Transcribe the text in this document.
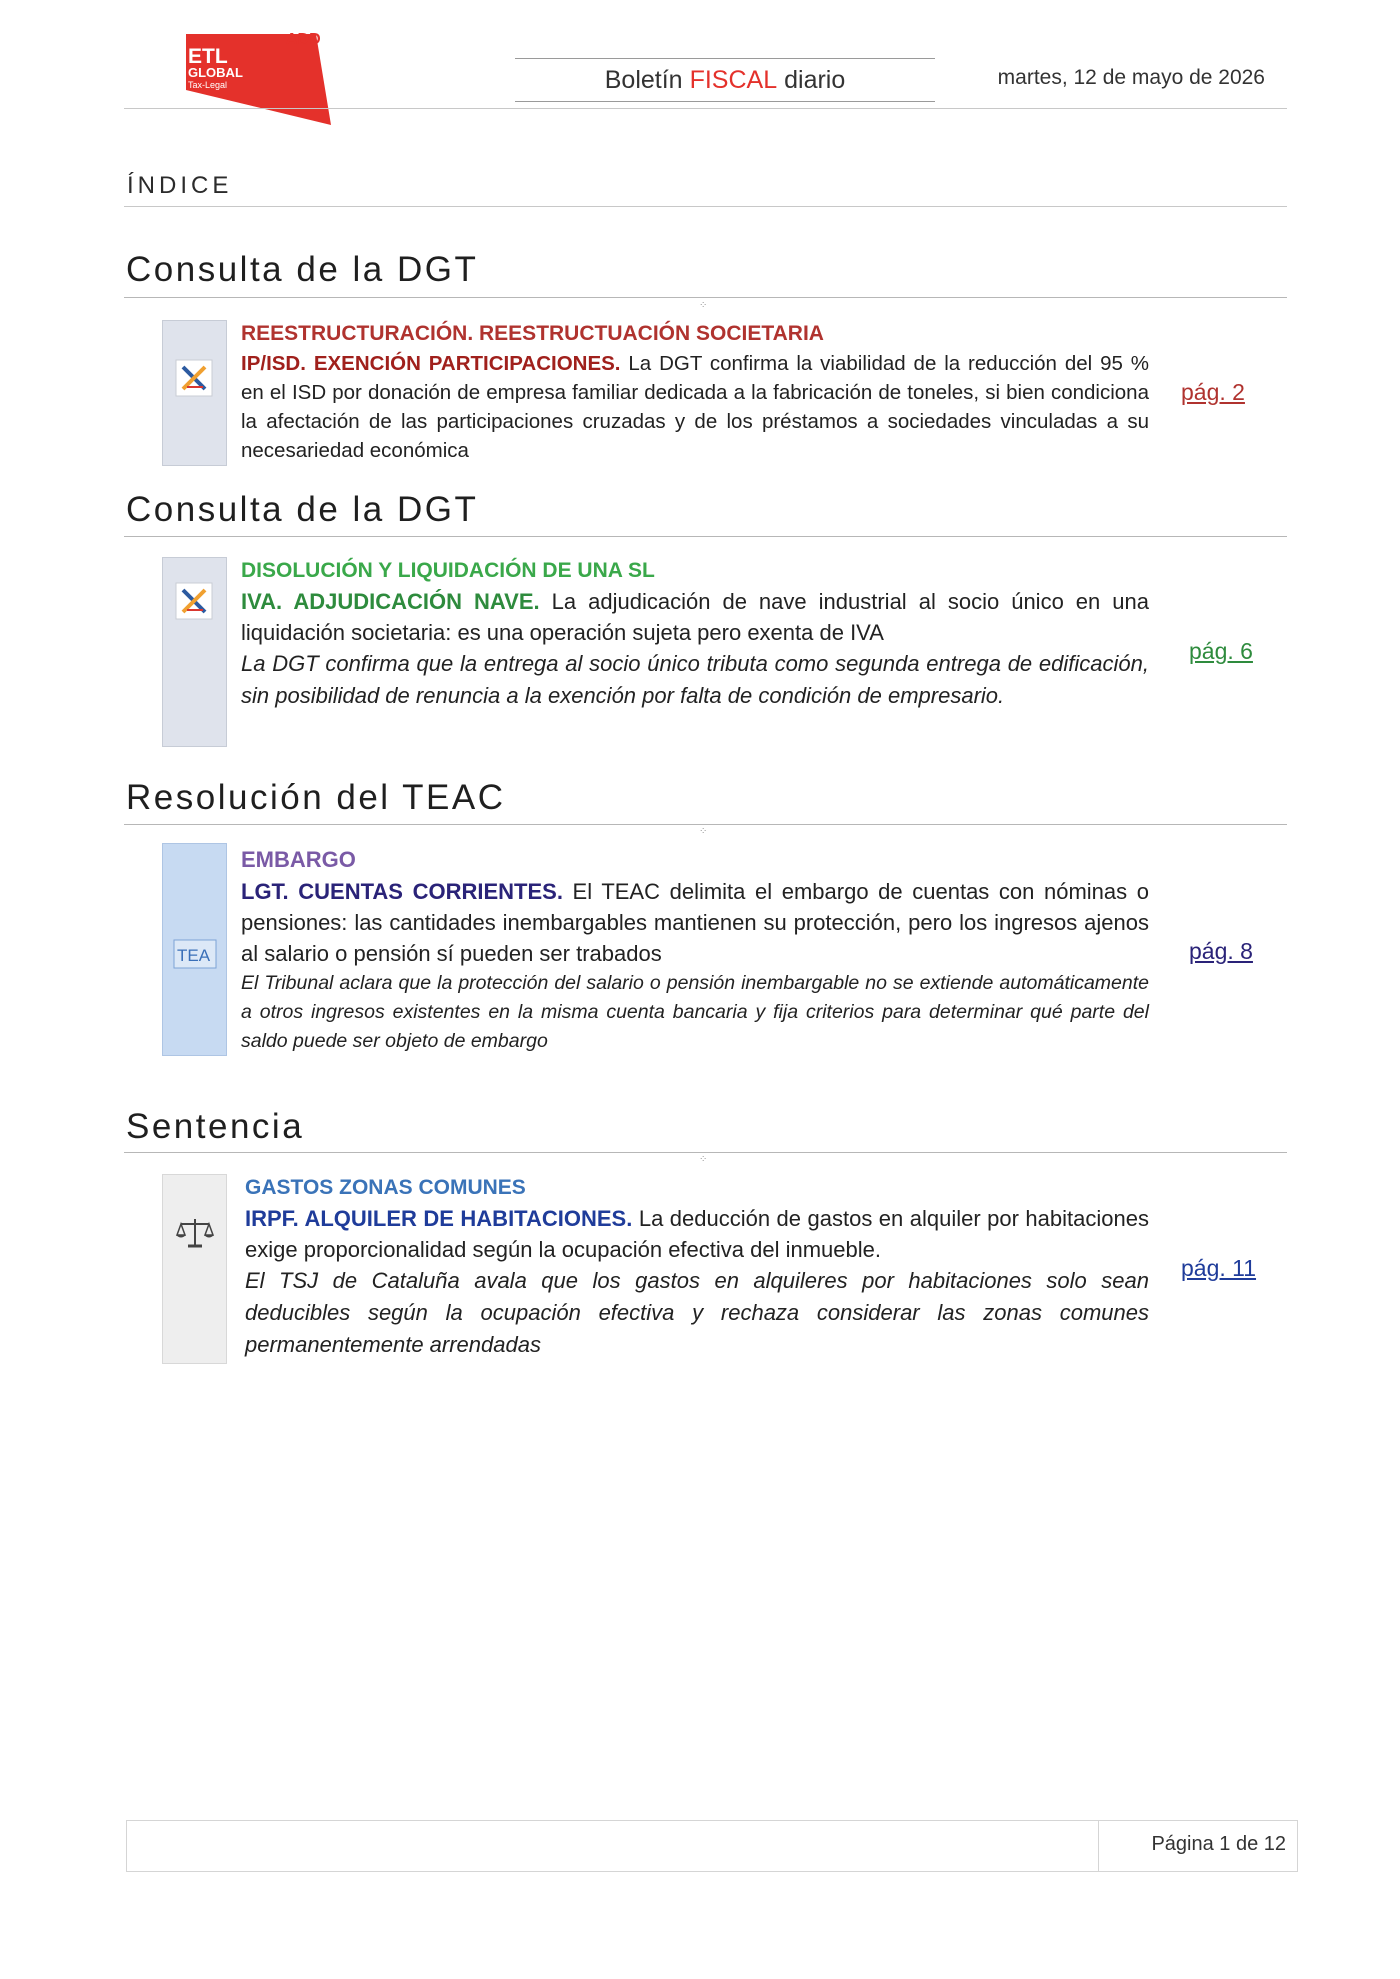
ADD
ETL
GLOBAL
Tax-Legal	Boletín FISCAL diario	martes, 12 de mayo de 2026
ÍNDICE
Consulta de la DGT
⁘

REESTRUCTURACIÓN. REESTRUCTUACIÓN SOCIETARIA

IP/ISD. EXENCIÓN PARTICIPACIONES. La DGT confirma la viabilidad de la reducción del 95 % en el ISD por donación de empresa familiar dedicada a la fabricación de toneles, si bien condiciona la afectación de las participaciones cruzadas y de los préstamos a sociedades vinculadas a su necesariedad económica

pág. 2
Consulta de la DGT

DISOLUCIÓN Y LIQUIDACIÓN DE UNA SL

IVA. ADJUDICACIÓN NAVE. La adjudicación de nave industrial al socio único en una liquidación societaria: es una operación sujeta pero exenta de IVA

La DGT confirma que la entrega al socio único tributa como segunda entrega de edificación, sin posibilidad de renuncia a la exención por falta de condición de empresario.

pág. 6
Resolución del TEAC
⁘
TEA

EMBARGO

LGT. CUENTAS CORRIENTES. El TEAC delimita el embargo de cuentas con nóminas o pensiones: las cantidades inembargables mantienen su protección, pero los ingresos ajenos al salario o pensión sí pueden ser trabados

El Tribunal aclara que la protección del salario o pensión inembargable no se extiende automáticamente a otros ingresos existentes en la misma cuenta bancaria y fija criterios para determinar qué parte del saldo puede ser objeto de embargo

pág. 8
Sentencia
⁘

GASTOS ZONAS COMUNES

IRPF. ALQUILER DE HABITACIONES. La deducción de gastos en alquiler por habitaciones exige proporcionalidad según la ocupación efectiva del inmueble.

El TSJ de Cataluña avala que los gastos en alquileres por habitaciones solo sean deducibles según la ocupación efectiva y rechaza considerar las zonas comunes permanentemente arrendadas

pág. 11
Página 1 de 12
